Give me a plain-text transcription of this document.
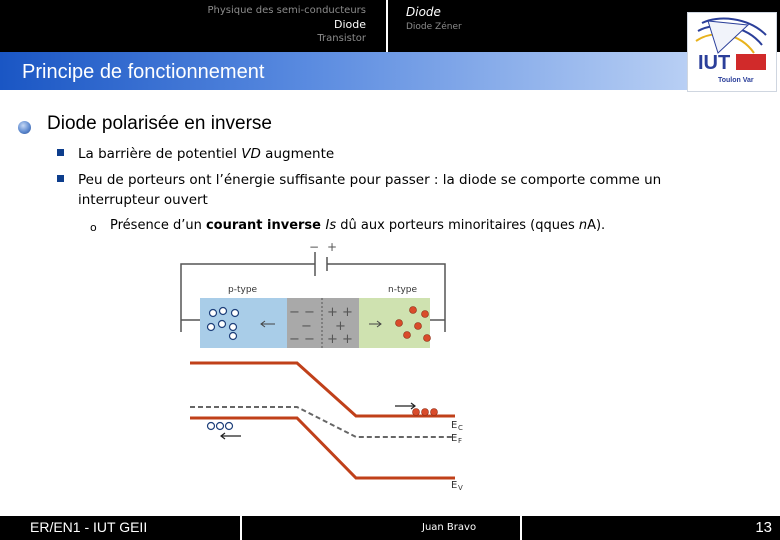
Physique des semi-conducteurs
Diode
Transistor
Diode
Diode Zéner
IUT
Toulon Var
Principe de fonctionnement
Diode polarisée en inverse
La barrière de potentiel VD augmente
Peu de porteurs ont l’énergie suffisante pour passer : la diode se comporte comme un
interrupteur ouvert
o Présence d’un courant inverse Is dû aux porteurs minoritaires (qques nA).
− +
p-type	n-type
− −
−
− −
+ +
+
+ +
E C
E F
E V
ER/EN1 - IUT GEII	Juan Bravo	13
